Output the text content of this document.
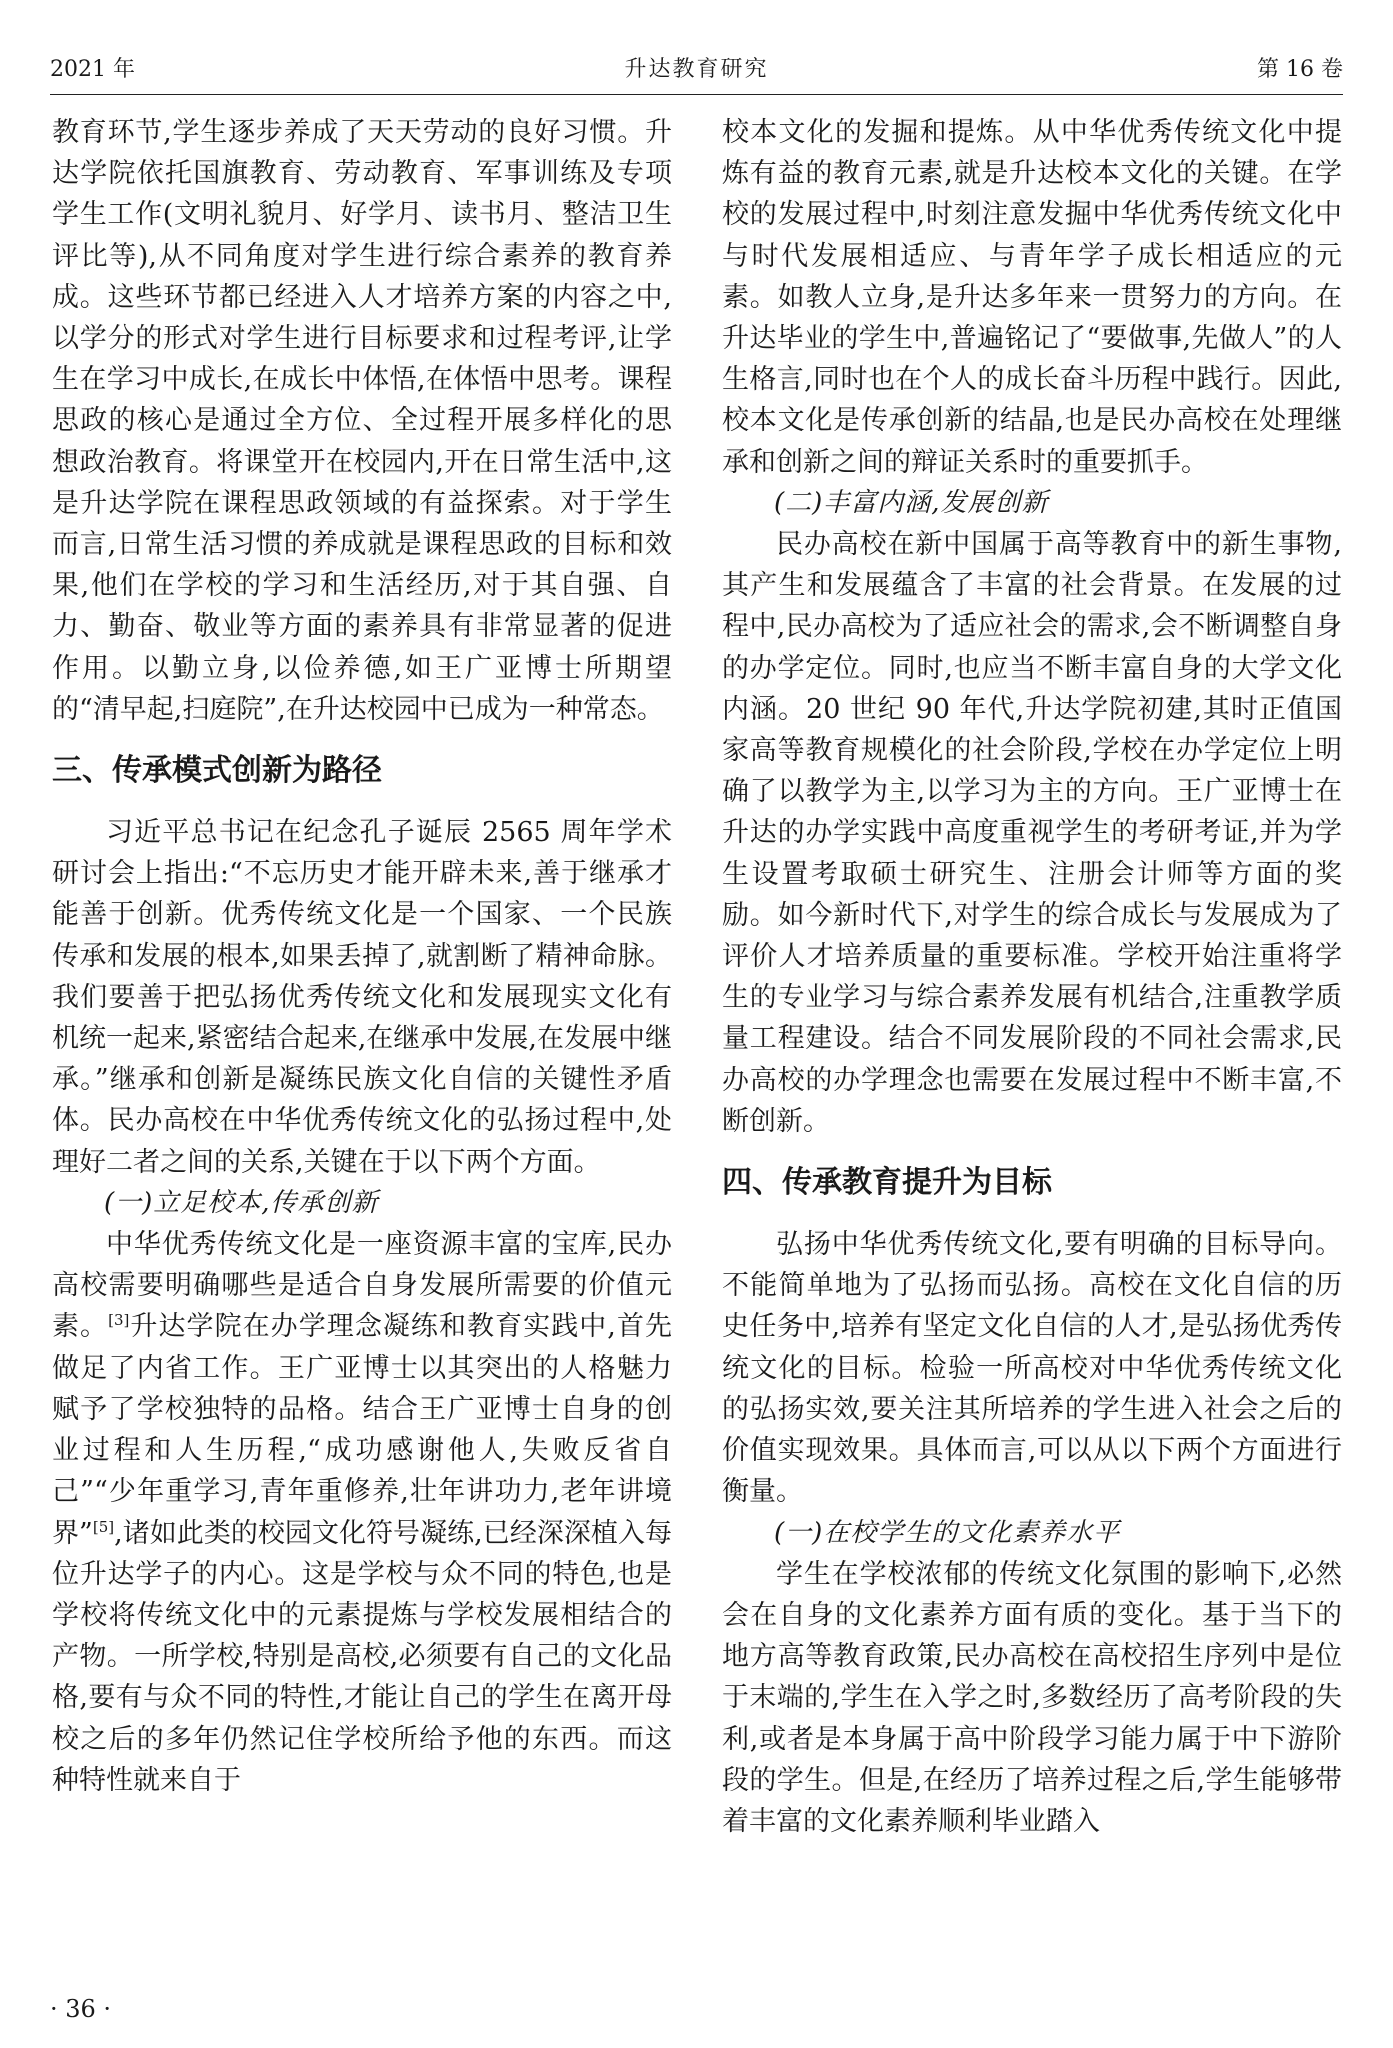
2021 年	升达教育研究	第 16 卷

教育环节,学生逐步养成了天天劳动的良好习惯。升达学院依托国旗教育、劳动教育、军事训练及专项学生工作(文明礼貌月、好学月、读书月、整洁卫生评比等),从不同角度对学生进行综合素养的教育养成。这些环节都已经进入人才培养方案的内容之中,以学分的形式对学生进行目标要求和过程考评,让学生在学习中成长,在成长中体悟,在体悟中思考。课程思政的核心是通过全方位、全过程开展多样化的思想政治教育。将课堂开在校园内,开在日常生活中,这是升达学院在课程思政领域的有益探索。对于学生而言,日常生活习惯的养成就是课程思政的目标和效果,他们在学校的学习和生活经历,对于其自强、自力、勤奋、敬业等方面的素养具有非常显著的促进作用。以勤立身,以俭养德,如王广亚博士所期望的“清早起,扫庭院”,在升达校园中已成为一种常态。

三、传承模式创新为路径

习近平总书记在纪念孔子诞辰 2565 周年学术研讨会上指出:“不忘历史才能开辟未来,善于继承才能善于创新。优秀传统文化是一个国家、一个民族传承和发展的根本,如果丢掉了,就割断了精神命脉。我们要善于把弘扬优秀传统文化和发展现实文化有机统一起来,紧密结合起来,在继承中发展,在发展中继承。”继承和创新是凝练民族文化自信的关键性矛盾体。民办高校在中华优秀传统文化的弘扬过程中,处理好二者之间的关系,关键在于以下两个方面。

(一)立足校本,传承创新

中华优秀传统文化是一座资源丰富的宝库,民办高校需要明确哪些是适合自身发展所需要的价值元素。[3]升达学院在办学理念凝练和教育实践中,首先做足了内省工作。王广亚博士以其突出的人格魅力赋予了学校独特的品格。结合王广亚博士自身的创业过程和人生历程,“成功感谢他人,失败反省自己”“少年重学习,青年重修养,壮年讲功力,老年讲境界”[5],诸如此类的校园文化符号凝练,已经深深植入每位升达学子的内心。这是学校与众不同的特色,也是学校将传统文化中的元素提炼与学校发展相结合的产物。一所学校,特别是高校,必须要有自己的文化品格,要有与众不同的特性,才能让自己的学生在离开母校之后的多年仍然记住学校所给予他的东西。而这种特性就来自于

校本文化的发掘和提炼。从中华优秀传统文化中提炼有益的教育元素,就是升达校本文化的关键。在学校的发展过程中,时刻注意发掘中华优秀传统文化中与时代发展相适应、与青年学子成长相适应的元素。如教人立身,是升达多年来一贯努力的方向。在升达毕业的学生中,普遍铭记了“要做事,先做人”的人生格言,同时也在个人的成长奋斗历程中践行。因此,校本文化是传承创新的结晶,也是民办高校在处理继承和创新之间的辩证关系时的重要抓手。

(二)丰富内涵,发展创新

民办高校在新中国属于高等教育中的新生事物,其产生和发展蕴含了丰富的社会背景。在发展的过程中,民办高校为了适应社会的需求,会不断调整自身的办学定位。同时,也应当不断丰富自身的大学文化内涵。20 世纪 90 年代,升达学院初建,其时正值国家高等教育规模化的社会阶段,学校在办学定位上明确了以教学为主,以学习为主的方向。王广亚博士在升达的办学实践中高度重视学生的考研考证,并为学生设置考取硕士研究生、注册会计师等方面的奖励。如今新时代下,对学生的综合成长与发展成为了评价人才培养质量的重要标准。学校开始注重将学生的专业学习与综合素养发展有机结合,注重教学质量工程建设。结合不同发展阶段的不同社会需求,民办高校的办学理念也需要在发展过程中不断丰富,不断创新。

四、传承教育提升为目标

弘扬中华优秀传统文化,要有明确的目标导向。不能简单地为了弘扬而弘扬。高校在文化自信的历史任务中,培养有坚定文化自信的人才,是弘扬优秀传统文化的目标。检验一所高校对中华优秀传统文化的弘扬实效,要关注其所培养的学生进入社会之后的价值实现效果。具体而言,可以从以下两个方面进行衡量。

(一)在校学生的文化素养水平

学生在学校浓郁的传统文化氛围的影响下,必然会在自身的文化素养方面有质的变化。基于当下的地方高等教育政策,民办高校在高校招生序列中是位于末端的,学生在入学之时,多数经历了高考阶段的失利,或者是本身属于高中阶段学习能力属于中下游阶段的学生。但是,在经历了培养过程之后,学生能够带着丰富的文化素养顺利毕业踏入

· 36 ·
